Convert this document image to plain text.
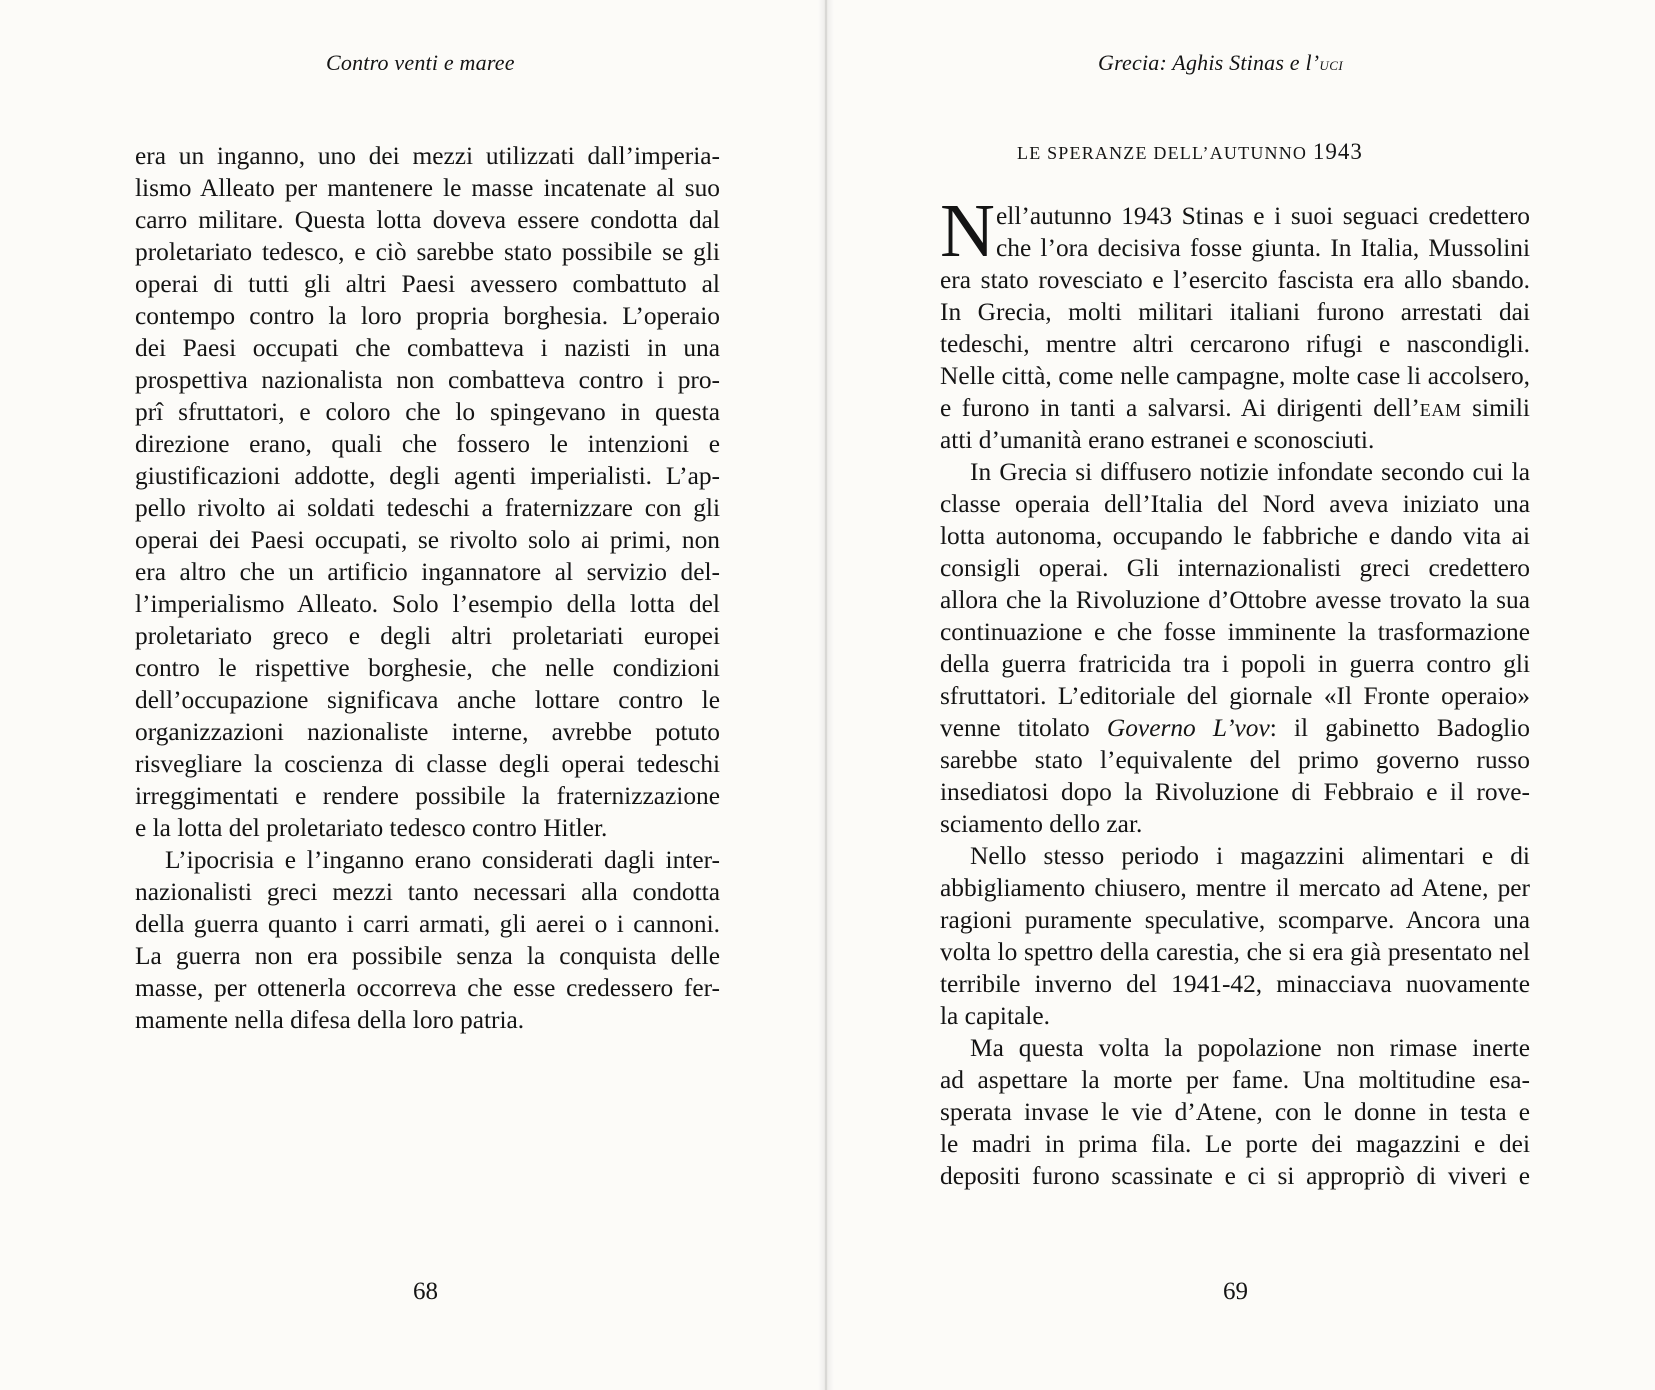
Contro venti e maree
era un inganno, uno dei mezzi utilizzati dall’imperia-
lismo Alleato per mantenere le masse incatenate al suo
carro militare. Questa lotta doveva essere condotta dal
proletariato tedesco, e ciò sarebbe stato possibile se gli
operai di tutti gli altri Paesi avessero combattuto al
contempo contro la loro propria borghesia. L’operaio
dei Paesi occupati che combatteva i nazisti in una
prospettiva nazionalista non combatteva contro i pro-
prî sfruttatori, e coloro che lo spingevano in questa
direzione erano, quali che fossero le intenzioni e
giustificazioni addotte, degli agenti imperialisti. L’ap-
pello rivolto ai soldati tedeschi a fraternizzare con gli
operai dei Paesi occupati, se rivolto solo ai primi, non
era altro che un artificio ingannatore al servizio del-
l’imperialismo Alleato. Solo l’esempio della lotta del
proletariato greco e degli altri proletariati europei
contro le rispettive borghesie, che nelle condizioni
dell’occupazione significava anche lottare contro le
organizzazioni nazionaliste interne, avrebbe potuto
risvegliare la coscienza di classe degli operai tedeschi
irreggimentati e rendere possibile la fraternizzazione
e la lotta del proletariato tedesco contro Hitler.
L’ipocrisia e l’inganno erano considerati dagli inter-
nazionalisti greci mezzi tanto necessari alla condotta
della guerra quanto i carri armati, gli aerei o i cannoni.
La guerra non era possibile senza la conquista delle
masse, per ottenerla occorreva che esse credessero fer-
mamente nella difesa della loro patria.
68
Grecia: Aghis Stinas e l’uci
LE SPERANZE DELL’AUTUNNO 1943
N ell’autunno 1943 Stinas e i suoi seguaci credettero
che l’ora decisiva fosse giunta. In Italia, Mussolini
era stato rovesciato e l’esercito fascista era allo sbando.
In Grecia, molti militari italiani furono arrestati dai
tedeschi, mentre altri cercarono rifugi e nascondigli.
Nelle città, come nelle campagne, molte case li accolsero,
e furono in tanti a salvarsi. Ai dirigenti dell’eam simili
atti d’umanità erano estranei e sconosciuti.
In Grecia si diffusero notizie infondate secondo cui la
classe operaia dell’Italia del Nord aveva iniziato una
lotta autonoma, occupando le fabbriche e dando vita ai
consigli operai. Gli internazionalisti greci credettero
allora che la Rivoluzione d’Ottobre avesse trovato la sua
continuazione e che fosse imminente la trasformazione
della guerra fratricida tra i popoli in guerra contro gli
sfruttatori. L’editoriale del giornale «Il Fronte operaio»
venne titolato Governo L’vov: il gabinetto Badoglio
sarebbe stato l’equivalente del primo governo russo
insediatosi dopo la Rivoluzione di Febbraio e il rove-
sciamento dello zar.
Nello stesso periodo i magazzini alimentari e di
abbigliamento chiusero, mentre il mercato ad Atene, per
ragioni puramente speculative, scomparve. Ancora una
volta lo spettro della carestia, che si era già presentato nel
terribile inverno del 1941-42, minacciava nuovamente
la capitale.
Ma questa volta la popolazione non rimase inerte
ad aspettare la morte per fame. Una moltitudine esa-
sperata invase le vie d’Atene, con le donne in testa e
le madri in prima fila. Le porte dei magazzini e dei
depositi furono scassinate e ci si appropriò di viveri e
69
